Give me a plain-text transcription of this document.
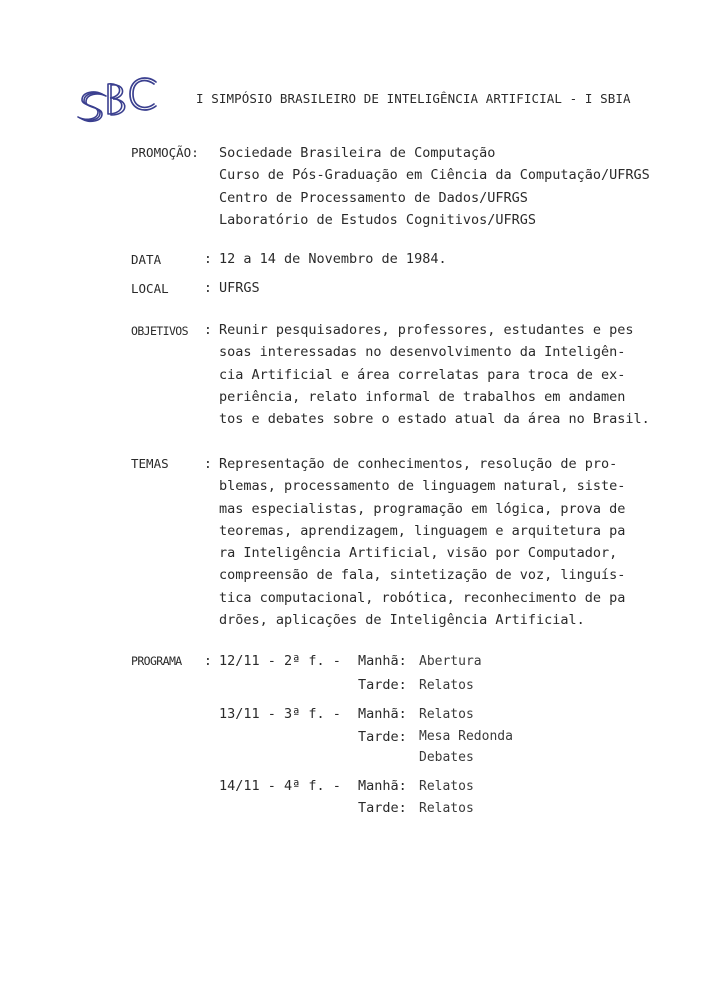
I SIMPÓSIO BRASILEIRO DE INTELIGÊNCIA ARTIFICIAL - I SBIA
PROMOÇÃO: Sociedade Brasileira de Computação
Curso de Pós-Graduação em Ciência da Computação/UFRGS
Centro de Processamento de Dados/UFRGS
Laboratório de Estudos Cognitivos/UFRGS
DATA	: 12 a 14 de Novembro de 1984.
LOCAL	: UFRGS
OBJETIVOS : Reunir pesquisadores, professores, estudantes e pes
soas interessadas no desenvolvimento da Inteligên-
cia Artificial e área correlatas para troca de ex-
periência, relato informal de trabalhos em andamen
tos e debates sobre o estado atual da área no Brasil.
TEMAS	: Representação de conhecimentos, resolução de pro-
blemas, processamento de linguagem natural, siste-
mas especialistas, programação em lógica, prova de
teoremas, aprendizagem, linguagem e arquitetura pa
ra Inteligência Artificial, visão por Computador,
compreensão de fala, sintetização de voz, linguís-
tica computacional, robótica, reconhecimento de pa
drões, aplicações de Inteligência Artificial.
PROGRAMA : 12/11 - 2ª f. - Manhã: Abertura
Tarde: Relatos
13/11 - 3ª f. - Manhã: Relatos
Tarde: Mesa Redonda
Debates
14/11 - 4ª f. - Manhã: Relatos
Tarde: Relatos
